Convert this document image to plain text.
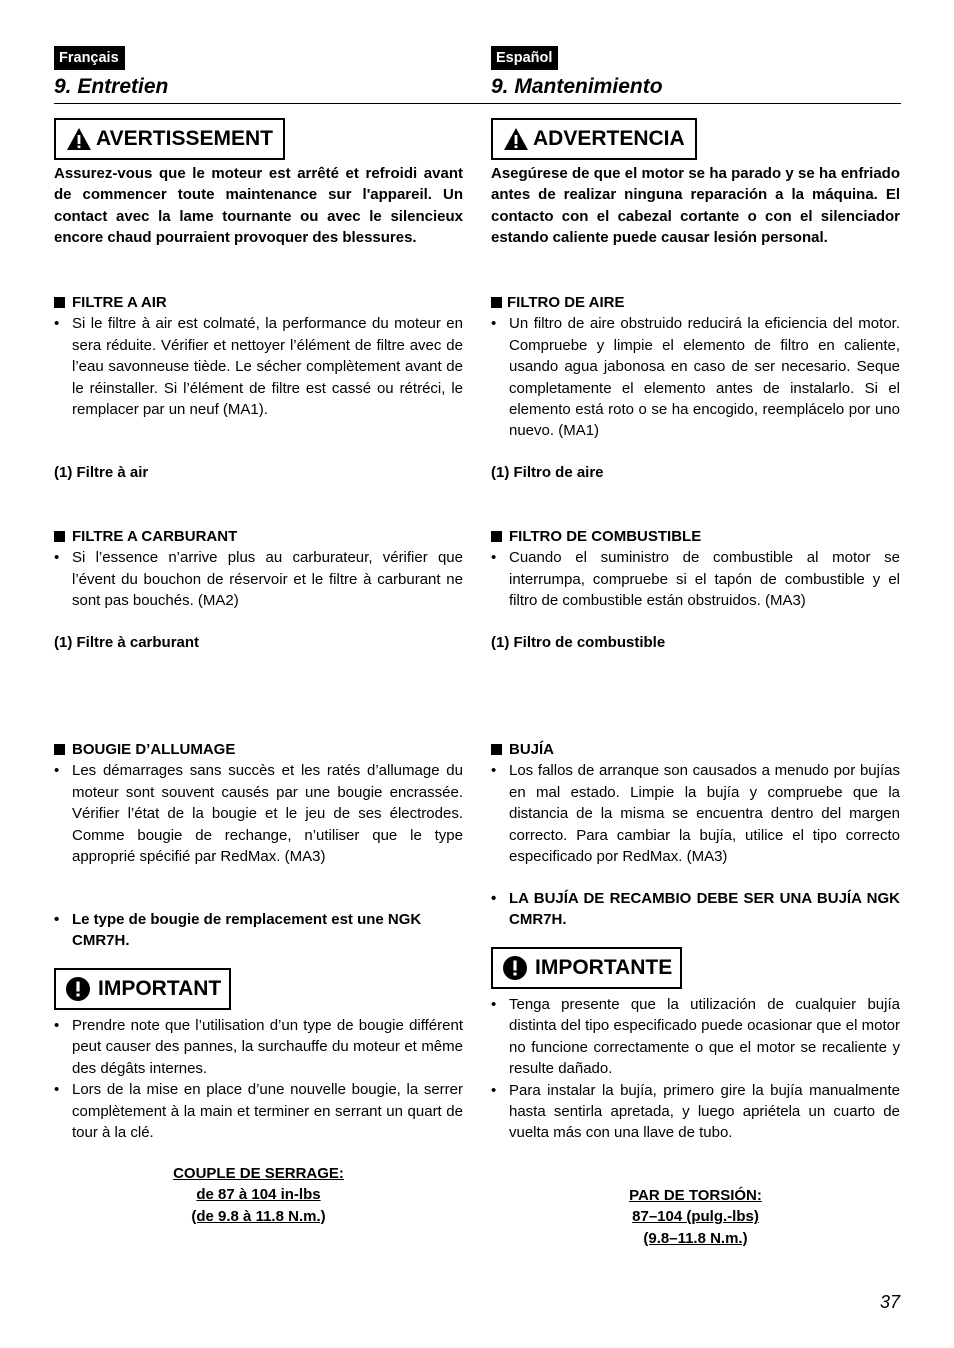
Français
9. Entretien
AVERTISSEMENT

Assurez-vous que le moteur est arrêté et refroidi avant de commencer toute maintenance sur l'appareil. Un contact avec la lame tournante ou avec le silencieux encore chaud pourraient provoquer des blessures.

FILTRE A AIR

• Si le filtre à air est colmaté, la performance du moteur en sera réduite. Vérifier et nettoyer l’élément de filtre avec de l’eau savonneuse tiède. Le sécher complètement avant de le réinstaller. Si l’élément de filtre est cassé ou rétréci, le remplacer par un neuf (MA1).

(1) Filtre à air

FILTRE A CARBURANT

• Si l’essence n’arrive plus au carburateur, vérifier que l’évent du bouchon de réservoir et le filtre à carburant ne sont pas bouchés. (MA2)

(1) Filtre à carburant

BOUGIE D’ALLUMAGE

• Les démarrages sans succès et les ratés d’allumage du moteur sont souvent causés par une bougie encrassée. Vérifier l’état de la bougie et le jeu de ses électrodes. Comme bougie de rechange, n’utiliser que le type approprié spécifié par RedMax. (MA3)
• Le type de bougie de remplacement est une NGK CMR7H.
IMPORTANT
• Prendre note que l’utilisation d’un type de bougie différent peut causer des pannes, la surchauffe du moteur et même des dégâts internes.
• Lors de la mise en place d’une nouvelle bougie, la serrer complètement à la main et terminer en serrant un quart de tour à la clé.
COUPLE DE SERRAGE:
de 87 à 104 in-lbs
(de 9.8 à 11.8 N.m.)
Español
9. Mantenimiento
ADVERTENCIA

Asegúrese de que el motor se ha parado y se ha enfriado antes de realizar ninguna reparación a la máquina. El contacto con el cabezal cortante o con el silenciador estando caliente puede causar lesión personal.

FILTRO DE AIRE

• Un filtro de aire obstruido reducirá la eficiencia del motor. Compruebe y limpie el elemento de filtro en caliente, usando agua jabonosa en caso de ser necesario. Seque completamente el elemento antes de instalarlo. Si el elemento está roto o se ha encogido, reemplácelo por uno nuevo. (MA1)

(1) Filtro de aire

FILTRO DE COMBUSTIBLE

• Cuando el suministro de combustible al motor se interrumpa, compruebe si el tapón de combustible y el filtro de combustible están obstruidos. (MA3)

(1) Filtro de combustible

BUJÍA

• Los fallos de arranque son causados a menudo por bujías en mal estado. Limpie la bujía y compruebe que la distancia de la misma se encuentra dentro del margen correcto. Para cambiar la bujía, utilice el tipo correcto especificado por RedMax. (MA3)
• LA BUJÍA DE RECAMBIO DEBE SER UNA BUJÍA NGK CMR7H.
IMPORTANTE
• Tenga presente que la utilización de cualquier bujía distinta del tipo especificado puede ocasionar que el motor no funcione correctamente o que el motor se recaliente y resulte dañado.
• Para instalar la bujía, primero gire la bujía manualmente hasta sentirla apretada, y luego apriétela un cuarto de vuelta más con una llave de tubo.
PAR DE TORSIÓN:
87–104 (pulg.-lbs)
(9.8–11.8 N.m.)
37
